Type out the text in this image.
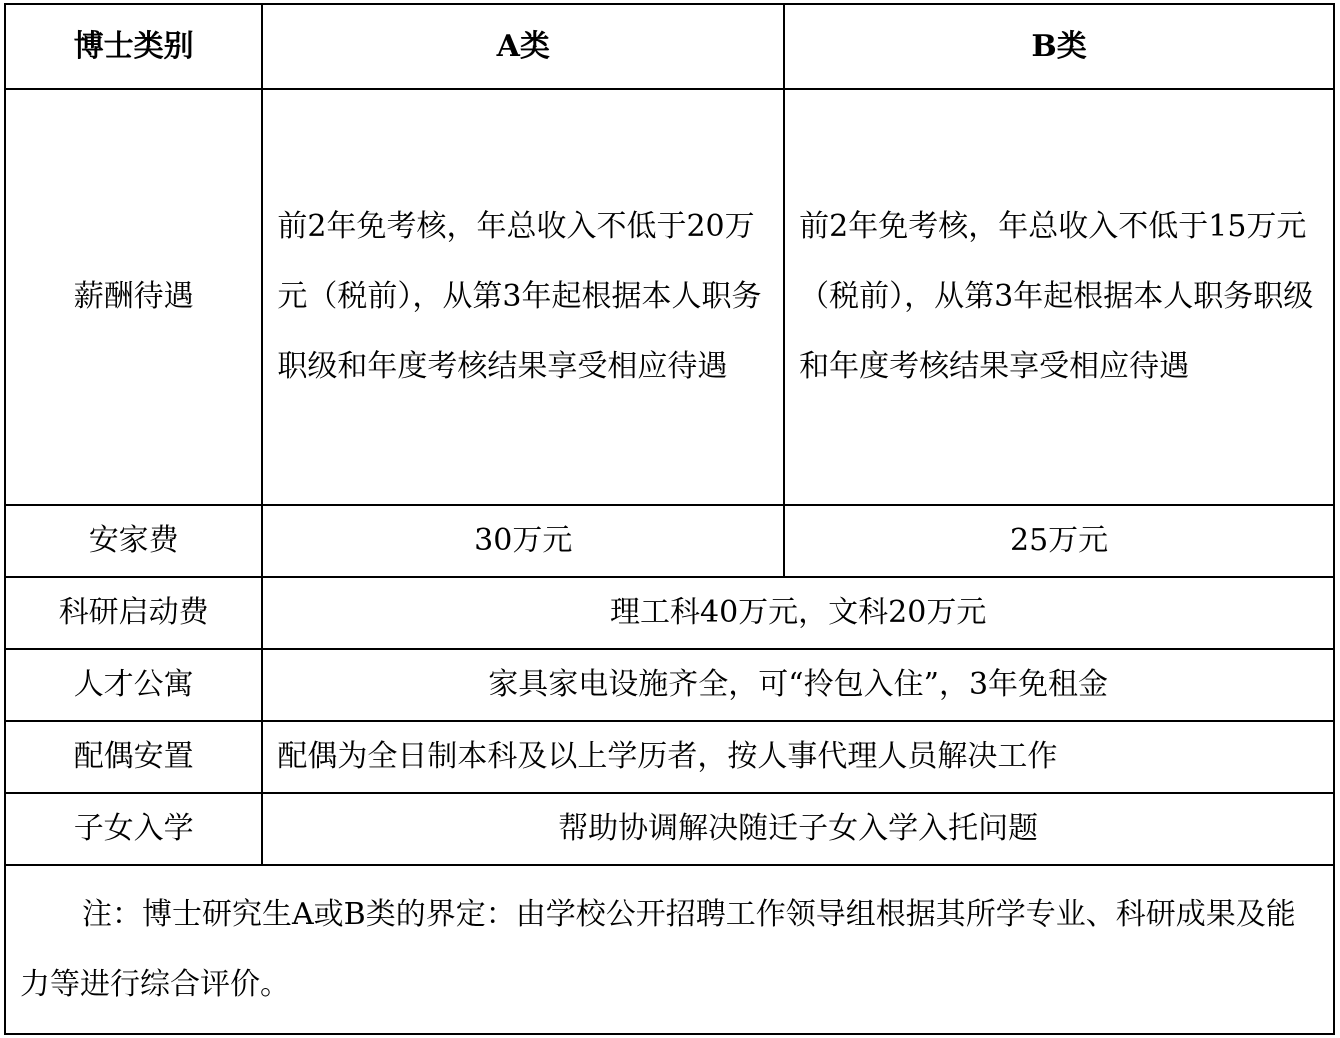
博士类别	A类	B类
薪酬待遇	前2年免考核，年总收入不低于20万元（税前），从第3年起根据本人职务职级和年度考核结果享受相应待遇	前2年免考核，年总收入不低于15万元（税前），从第3年起根据本人职务职级和年度考核结果享受相应待遇
安家费	30万元	25万元
科研启动费	理工科40万元，文科20万元	
人才公寓	家具家电设施齐全，可“拎包入住”，3年免租金	
配偶安置	配偶为全日制本科及以上学历者，按人事代理人员解决工作	
子女入学	帮助协调解决随迁子女入学入托问题	
注：博士研究生A或B类的界定：由学校公开招聘工作领导组根据其所学专业、科研成果及能力等进行综合评价。		
